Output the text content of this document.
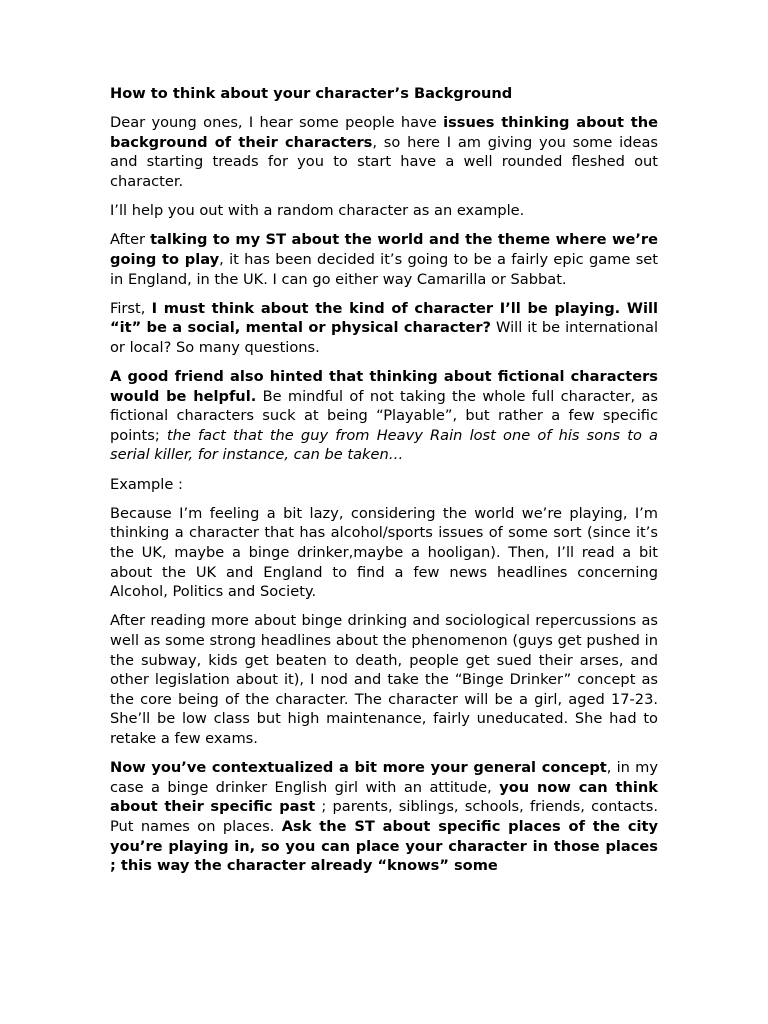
How to think about your character’s Background

Dear young ones, I hear some people have issues thinking about the background of their characters, so here I am giving you some ideas and starting treads for you to start have a well rounded fleshed out character.

I’ll help you out with a random character as an example.

After talking to my ST about the world and the theme where we’re going to play, it has been decided it’s going to be a fairly epic game set in England, in the UK. I can go either way Camarilla or Sabbat.

First, I must think about the kind of character I’ll be playing. Will “it” be a social, mental or physical character? Will it be international or local? So many questions.

A good friend also hinted that thinking about fictional characters would be helpful. Be mindful of not taking the whole full character, as fictional characters suck at being “Playable”, but rather a few specific points; the fact that the guy from Heavy Rain lost one of his sons to a serial killer, for instance, can be taken…

Example :

Because I’m feeling a bit lazy, considering the world we’re playing, I’m thinking a character that has alcohol/sports issues of some sort (since it’s the UK, maybe a binge drinker,maybe a hooligan). Then, I’ll read a bit about the UK and England to find a few news headlines concerning Alcohol, Politics and Society.

After reading more about binge drinking and sociological repercussions as well as some strong headlines about the phenomenon (guys get pushed in the subway, kids get beaten to death, people get sued their arses, and other legislation about it), I nod and take the “Binge Drinker” concept as the core being of the character. The character will be a girl, aged 17-23. She’ll be low class but high maintenance, fairly uneducated. She had to retake a few exams.

Now you’ve contextualized a bit more your general concept, in my case a binge drinker English girl with an attitude, you now can think about their specific past ; parents, siblings, schools, friends, contacts. Put names on places. Ask the ST about specific places of the city you’re playing in, so you can place your character in those places ; this way the character already “knows” some
